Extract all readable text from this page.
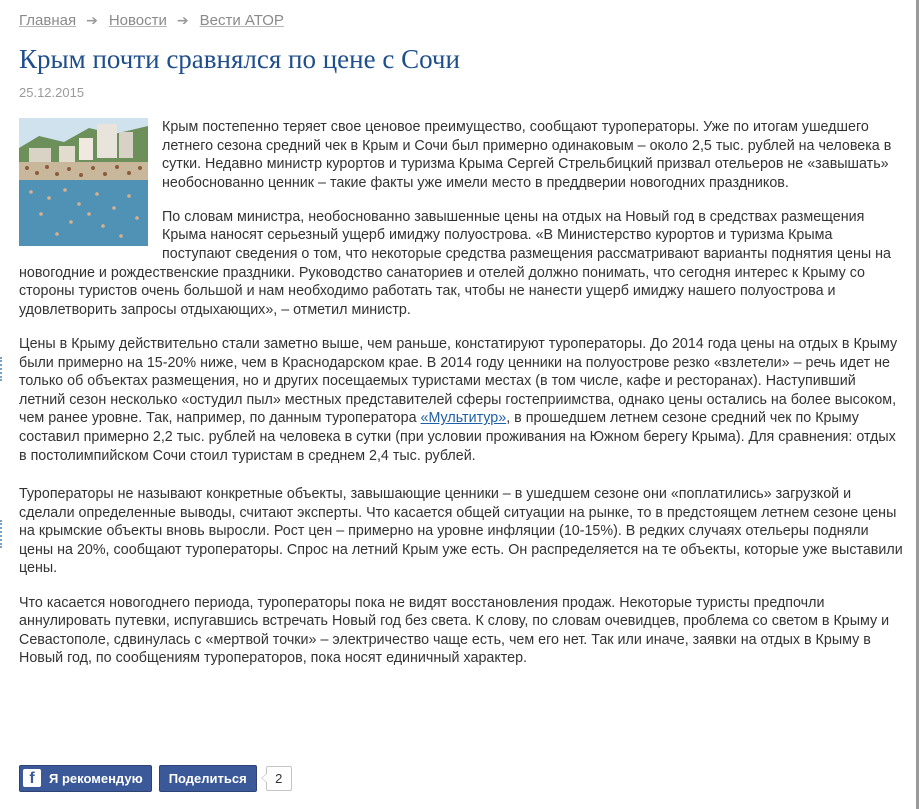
Главная ➔ Новости ➔ Вести АТОР
Крым почти сравнялся по цене с Сочи
25.12.2015

Крым постепенно теряет свое ценовое преимущество, сообщают туроператоры. Уже по итогам ушедшего летнего сезона средний чек в Крым и Сочи был примерно одинаковым – около 2,5 тыс. рублей на человека в сутки. Недавно министр курортов и туризма Крыма Сергей Стрельбицкий призвал отельеров не «завышать» необоснованно ценник – такие факты уже имели место в преддверии новогодних праздников.

По словам министра, необоснованно завышенные цены на отдых на Новый год в средствах размещения Крыма наносят серьезный ущерб имиджу полуострова. «В Министерство курортов и туризма Крыма поступают сведения о том, что некоторые средства размещения рассматривают варианты поднятия цены на новогодние и рождественские праздники. Руководство санаториев и отелей должно понимать, что сегодня интерес к Крыму со стороны туристов очень большой и нам необходимо работать так, чтобы не нанести ущерб имиджу нашего полуострова и удовлетворить запросы отдыхающих», – отметил министр.

Цены в Крыму действительно стали заметно выше, чем раньше, констатируют туроператоры. До 2014 года цены на отдых в Крыму были примерно на 15-20% ниже, чем в Краснодарском крае. В 2014 году ценники на полуострове резко «взлетели» – речь идет не только об объектах размещения, но и других посещаемых туристами местах (в том числе, кафе и ресторанах). Наступивший летний сезон несколько «остудил пыл» местных представителей сферы гостеприимства, однако цены остались на более высоком, чем ранее уровне. Так, например, по данным туроператора «Мультитур», в прошедшем летнем сезоне средний чек по Крыму составил примерно 2,2 тыс. рублей на человека в сутки (при условии проживания на Южном берегу Крыма). Для сравнения: отдых в постолимпийском Сочи стоил туристам в среднем 2,4 тыс. рублей.

Туроператоры не называют конкретные объекты, завышающие ценники – в ушедшем сезоне они «поплатились» загрузкой и сделали определенные выводы, считают эксперты. Что касается общей ситуации на рынке, то в предстоящем летнем сезоне цены на крымские объекты вновь выросли. Рост цен – примерно на уровне инфляции (10-15%). В редких случаях отельеры подняли цены на 20%, сообщают туроператоры. Спрос на летний Крым уже есть. Он распределяется на те объекты, которые уже выставили цены.

Что касается новогоднего периода, туроператоры пока не видят восстановления продаж. Некоторые туристы предпочли аннулировать путевки, испугавшись встречать Новый год без света. К слову, по словам очевидцев, проблема со светом в Крыму и Севастополе, сдвинулась с «мертвой точки» – электричество чаще есть, чем его нет. Так или иначе, заявки на отдых в Крыму в Новый год, по сообщениям туроператоров, пока носят единичный характер.

f	Я рекомендую Поделиться	2
